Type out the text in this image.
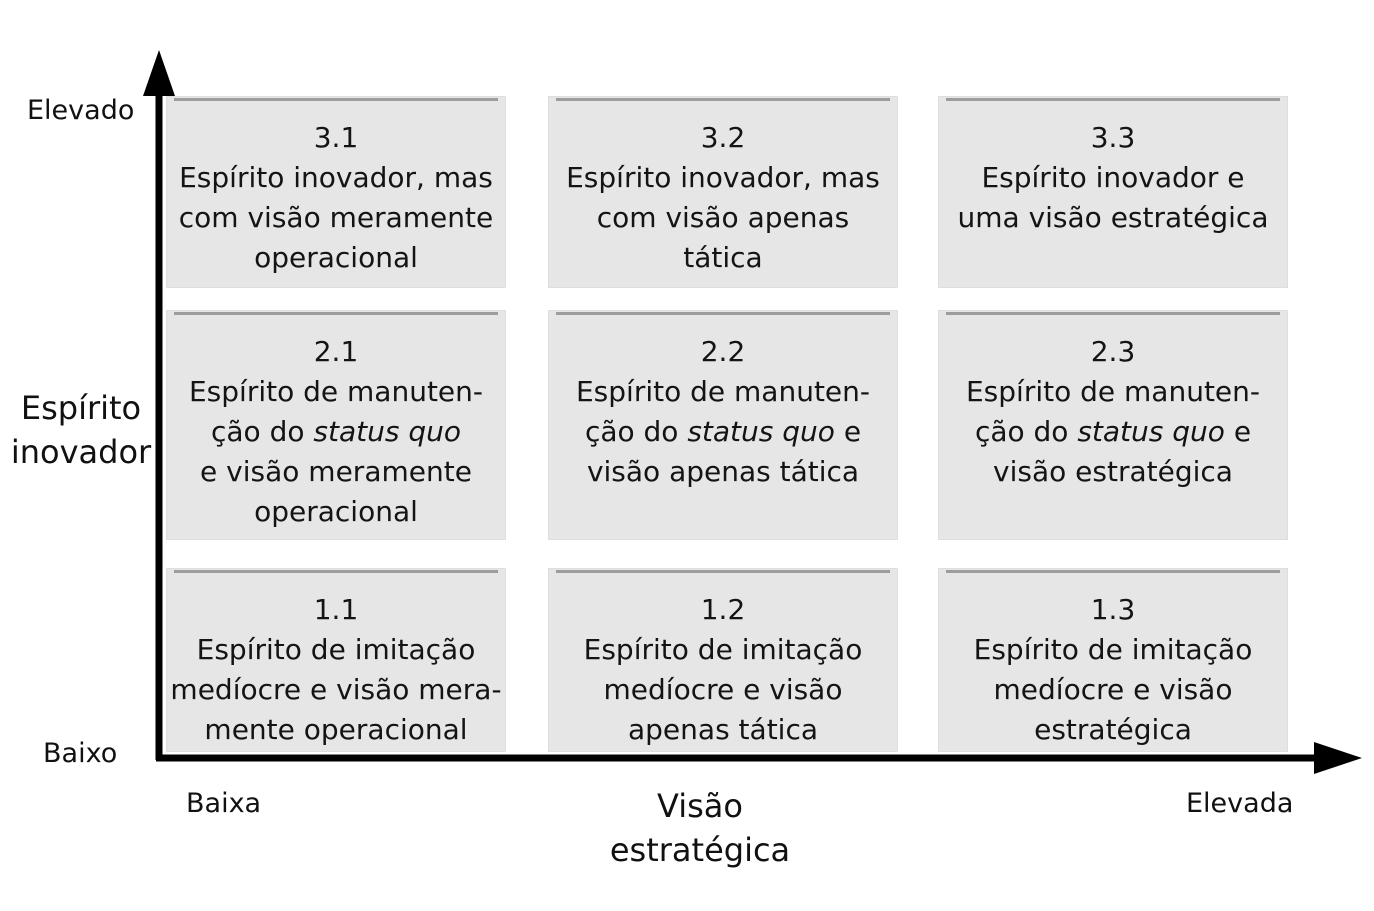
Elevado
Espírito
inovador
Baixo
Baixa	Visão
estratégica
Elevada
3.1
Espírito inovador, mas
com visão meramente
operacional
3.2
Espírito inovador, mas
com visão apenas
tática
3.3
Espírito inovador e
uma visão estratégica
2.1
Espírito de manuten-
ção do status quo
e visão meramente
operacional
2.2
Espírito de manuten-
ção do status quo e
visão apenas tática
2.3
Espírito de manuten-
ção do status quo e
visão estratégica
1.1
Espírito de imitação
medíocre e visão mera-
mente operacional
1.2
Espírito de imitação
medíocre e visão
apenas tática
1.3
Espírito de imitação
medíocre e visão
estratégica
